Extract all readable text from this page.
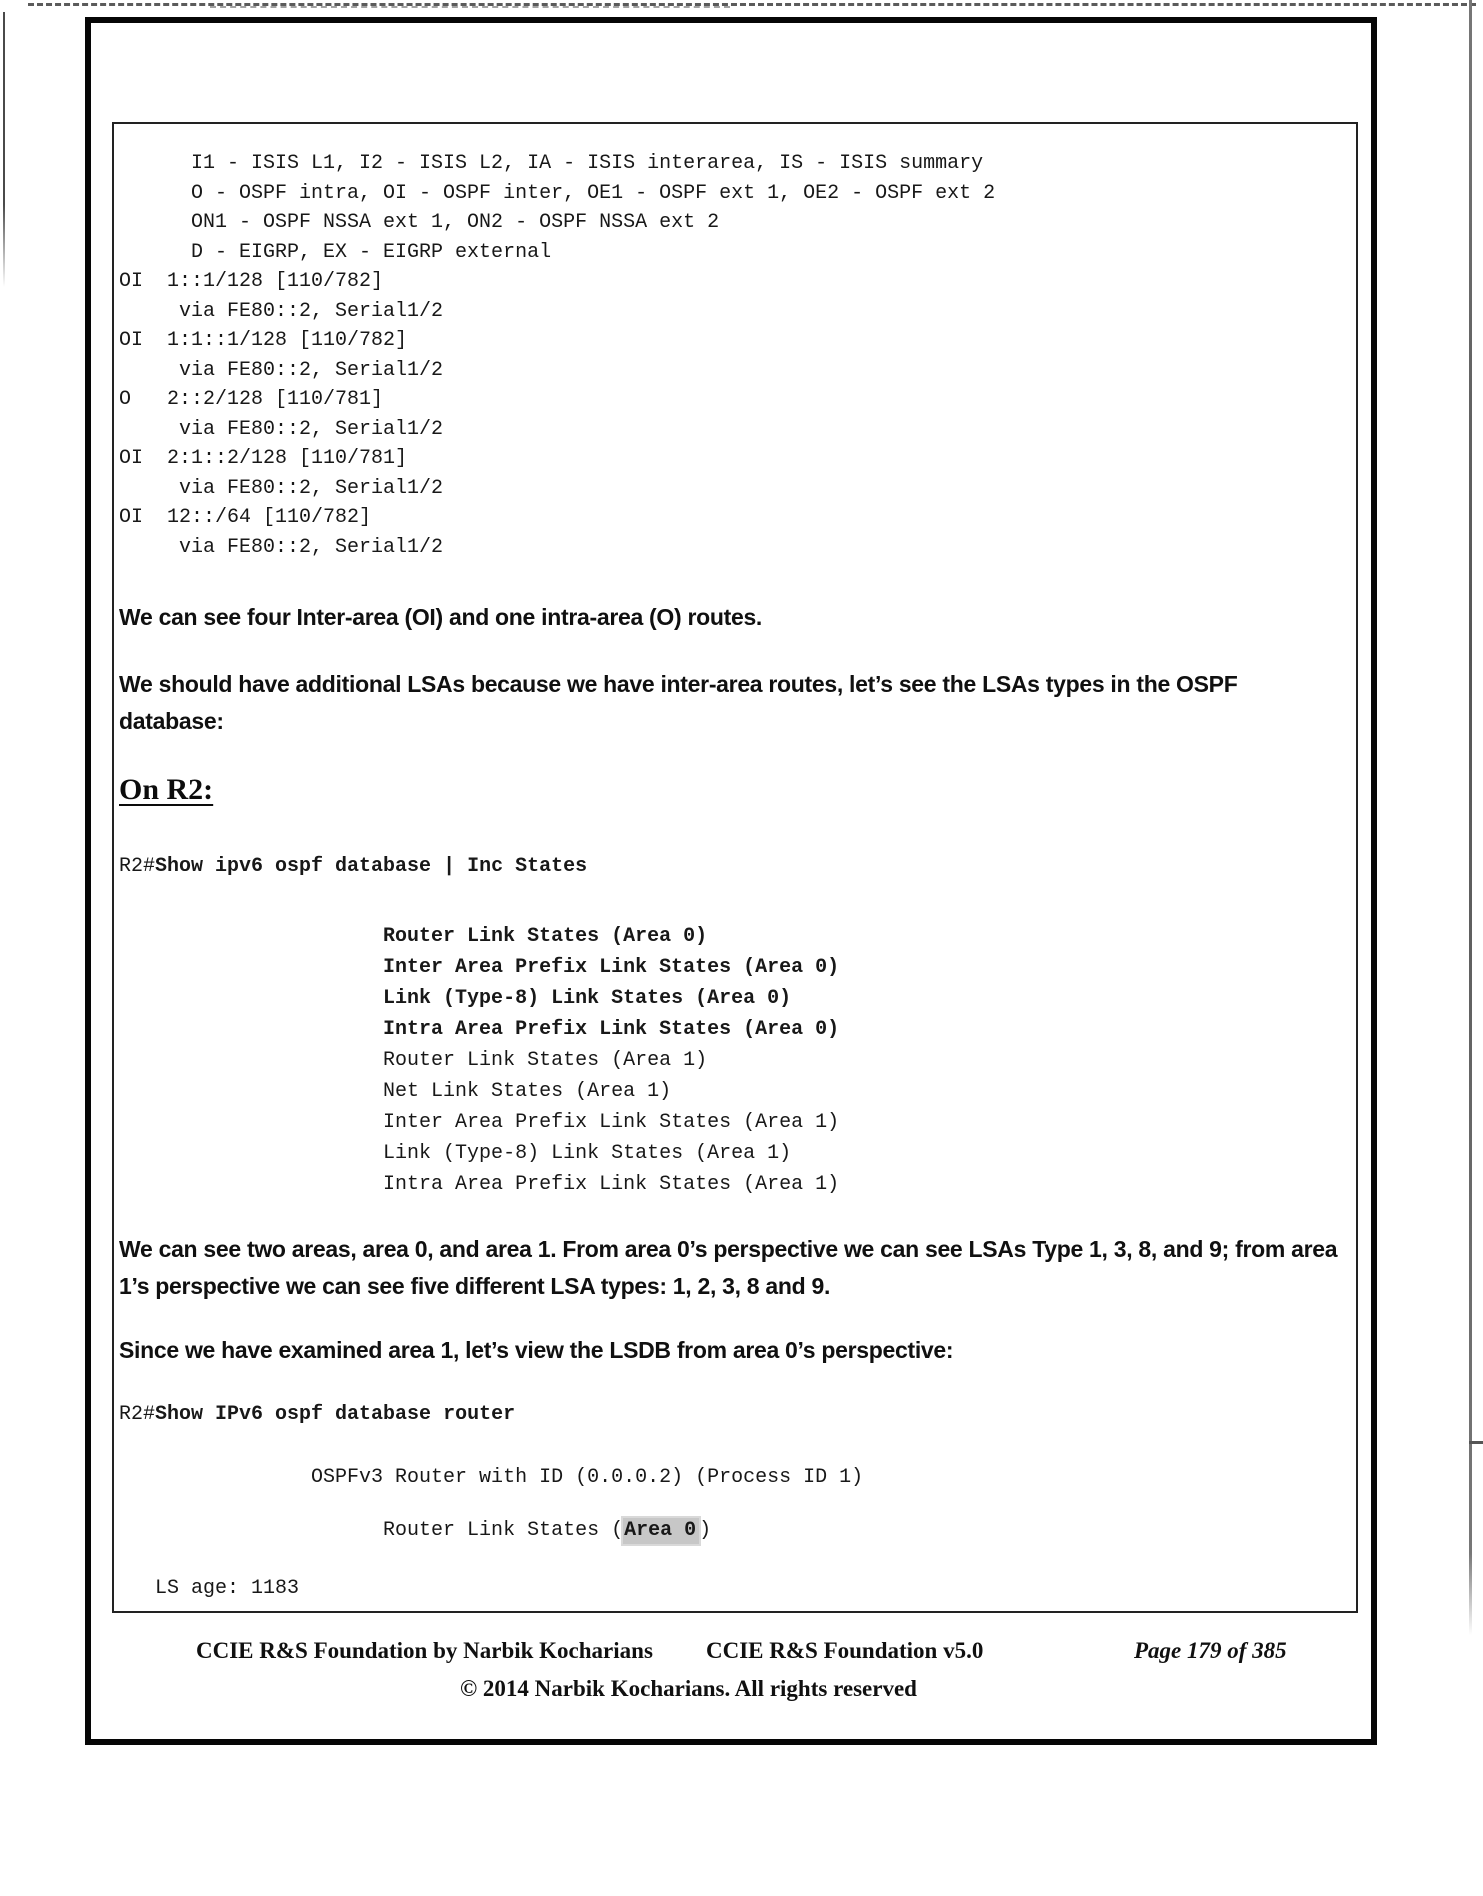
I1 - ISIS L1, I2 - ISIS L2, IA - ISIS interarea, IS - ISIS summary
O - OSPF intra, OI - OSPF inter, OE1 - OSPF ext 1, OE2 - OSPF ext 2
ON1 - OSPF NSSA ext 1, ON2 - OSPF NSSA ext 2
D - EIGRP, EX - EIGRP external
OI  1::1/128 [110/782]
via FE80::2, Serial1/2
OI  1:1::1/128 [110/782]
via FE80::2, Serial1/2
O   2::2/128 [110/781]
via FE80::2, Serial1/2
OI  2:1::2/128 [110/781]
via FE80::2, Serial1/2
OI  12::/64 [110/782]
via FE80::2, Serial1/2
We can see four Inter-area (OI) and one intra-area (O) routes.
We should have additional LSAs because we have inter-area routes, let’s see the LSAs types in the OSPF database:
On R2:
R2#Show ipv6 ospf database | Inc States
Router Link States (Area 0)
Inter Area Prefix Link States (Area 0)
Link (Type-8) Link States (Area 0)
Intra Area Prefix Link States (Area 0)
Router Link States (Area 1)
Net Link States (Area 1)
Inter Area Prefix Link States (Area 1)
Link (Type-8) Link States (Area 1)
Intra Area Prefix Link States (Area 1)
We can see two areas, area 0, and area 1. From area 0’s perspective we can see LSAs Type 1, 3, 8, and 9; from area 1’s perspective we can see five different LSA types: 1, 2, 3, 8 and 9.
Since we have examined area 1, let’s view the LSDB from area 0’s perspective:
R2#Show IPv6 ospf database router
OSPFv3 Router with ID (0.0.0.2) (Process ID 1)
Router Link States (Area 0 )
LS age: 1183
CCIE R&S Foundation by Narbik Kocharians CCIE R&S Foundation v5.0	Page 179 of 385
© 2014 Narbik Kocharians. All rights reserved
